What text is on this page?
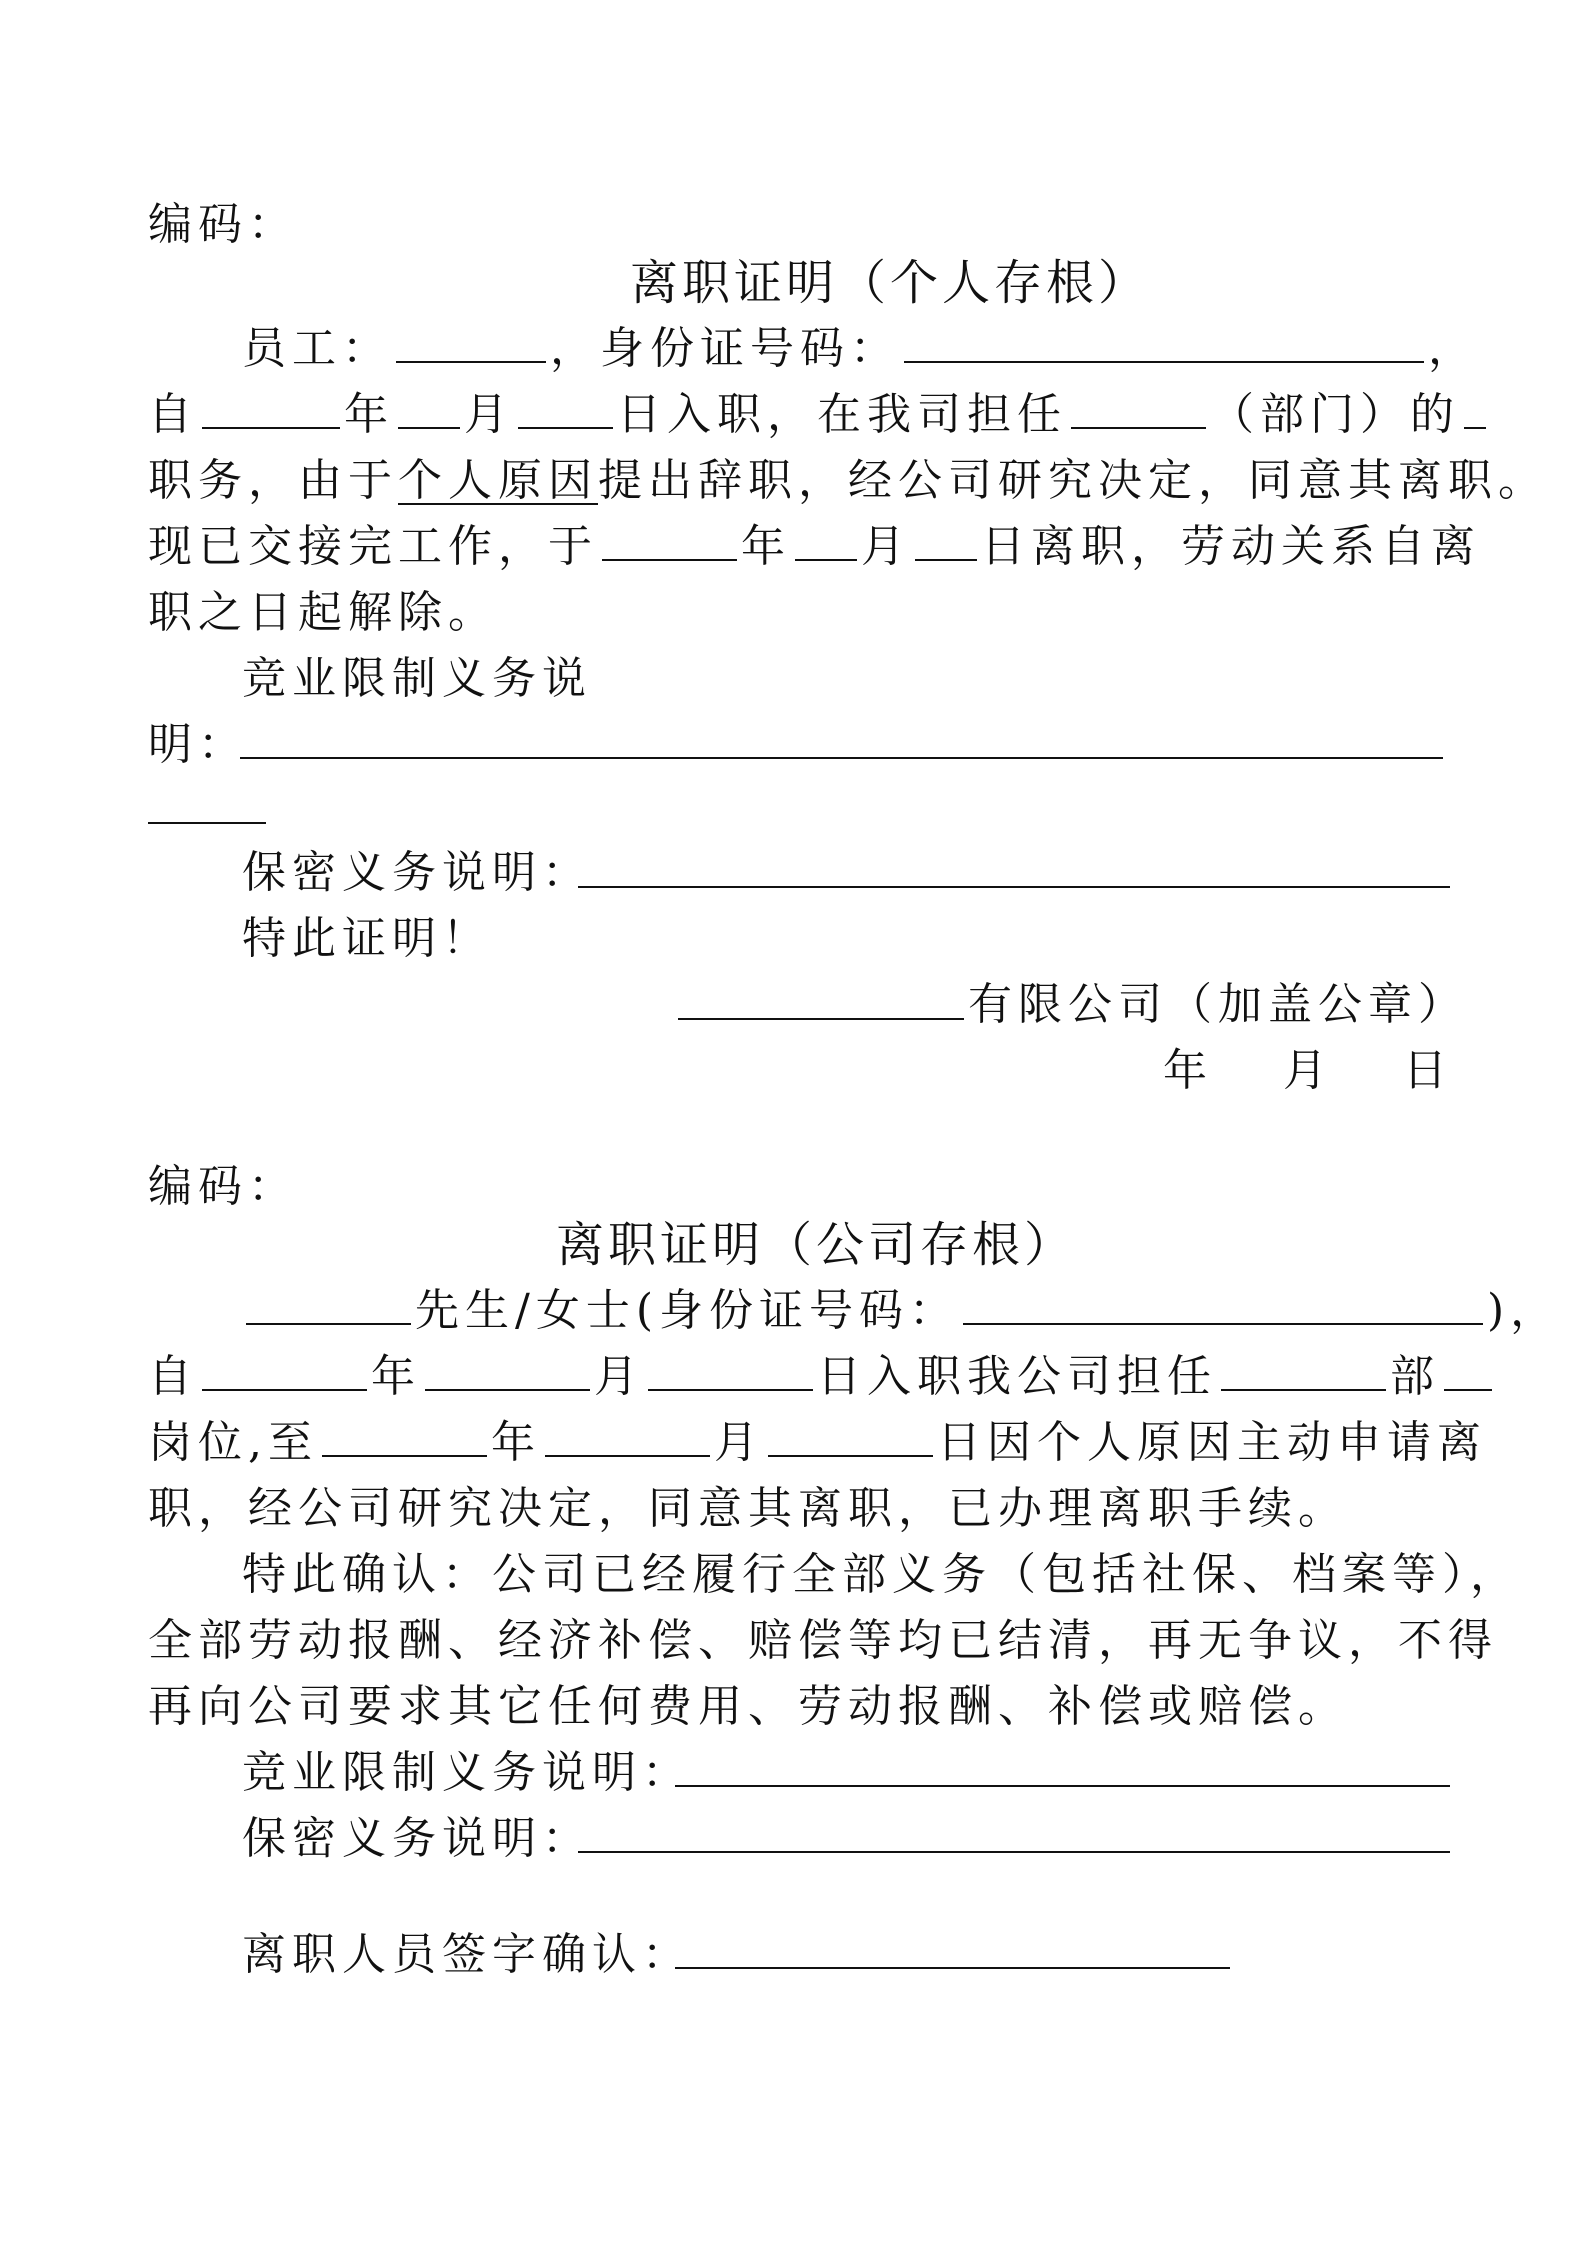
编码：
离职证明（个人存根）
员工：	，身份证号码：	，
自	年 月 日入职，在我司担任	（部门）的
职务，由于个人原因提出辞职，经公司研究决定，同意其离职。
现已交接完工作，于	年 月 日离职，劳动关系自离
职之日起解除。
竞业限制义务说
明：
保密义务说明：
特此证明！
有限公司（加盖公章）
年 月 日
编码：
离职证明（公司存根）
先生/女士(身份证号码：	)，
自	年	月	日入职我公司担任	部
岗位,至	年	月	日因个人原因主动申请离
职，经公司研究决定，同意其离职，已办理离职手续。
特此确认：公司已经履行全部义务（包括社保、档案等），
全部劳动报酬、经济补偿、赔偿等均已结清，再无争议，不得
再向公司要求其它任何费用、劳动报酬、补偿或赔偿。
竞业限制义务说明：
保密义务说明：
离职人员签字确认：
